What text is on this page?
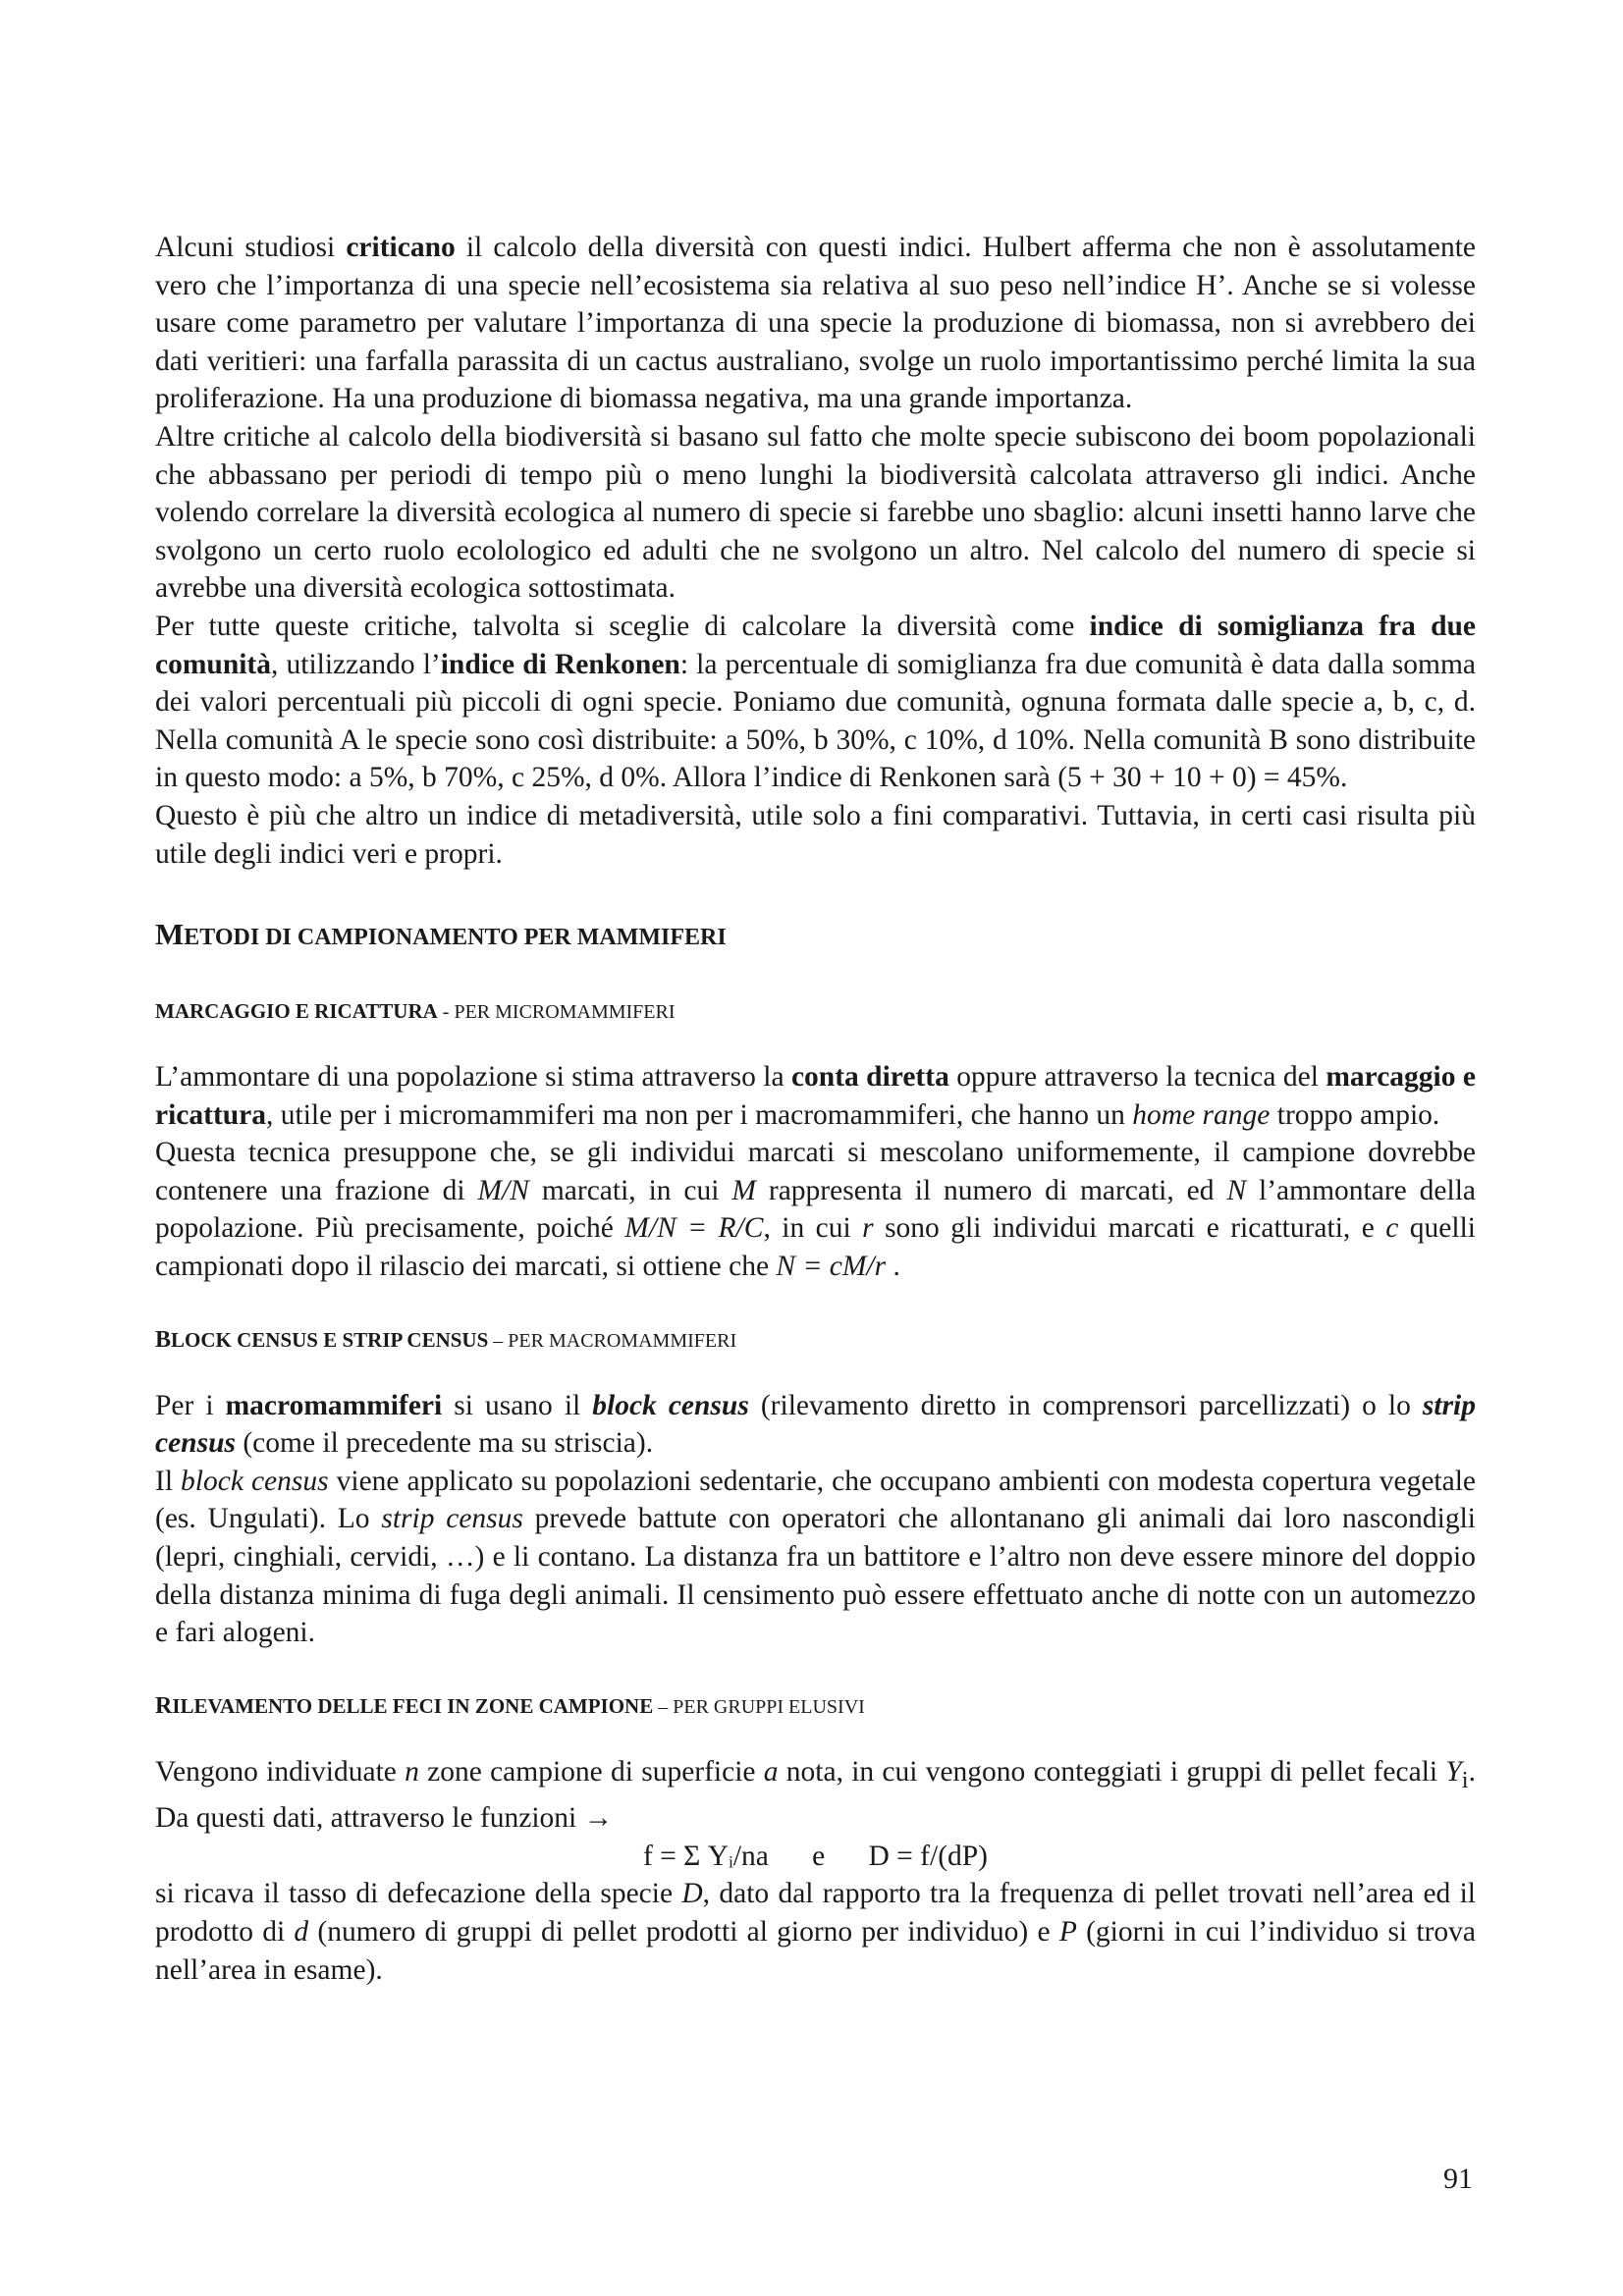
Alcuni studiosi criticano il calcolo della diversità con questi indici. Hulbert afferma che non è assolutamente vero che l’importanza di una specie nell’ecosistema sia relativa al suo peso nell’indice H’. Anche se si volesse usare come parametro per valutare l’importanza di una specie la produzione di biomassa, non si avrebbero dei dati veritieri: una farfalla parassita di un cactus australiano, svolge un ruolo importantissimo perché limita la sua proliferazione. Ha una produzione di biomassa negativa, ma una grande importanza.

Altre critiche al calcolo della biodiversità si basano sul fatto che molte specie subiscono dei boom popolazionali che abbassano per periodi di tempo più o meno lunghi la biodiversità calcolata attraverso gli indici. Anche volendo correlare la diversità ecologica al numero di specie si farebbe uno sbaglio: alcuni insetti hanno larve che svolgono un certo ruolo ecolologico ed adulti che ne svolgono un altro. Nel calcolo del numero di specie si avrebbe una diversità ecologica sottostimata.

Per tutte queste critiche, talvolta si sceglie di calcolare la diversità come indice di somiglianza fra due comunità, utilizzando l’indice di Renkonen: la percentuale di somiglianza fra due comunità è data dalla somma dei valori percentuali più piccoli di ogni specie. Poniamo due comunità, ognuna formata dalle specie a, b, c, d. Nella comunità A le specie sono così distribuite: a 50%, b 30%, c 10%, d 10%. Nella comunità B sono distribuite in questo modo: a 5%, b 70%, c 25%, d 0%. Allora l’indice di Renkonen sarà (5 + 30 + 10 + 0) = 45%.

Questo è più che altro un indice di metadiversità, utile solo a fini comparativi. Tuttavia, in certi casi risulta più utile degli indici veri e propri.

METODI DI CAMPIONAMENTO PER MAMMIFERI
MARCAGGIO E RICATTURA - PER MICROMAMMIFERI

L’ammontare di una popolazione si stima attraverso la conta diretta oppure attraverso la tecnica del marcaggio e ricattura, utile per i micromammiferi ma non per i macromammiferi, che hanno un home range troppo ampio.

Questa tecnica presuppone che, se gli individui marcati si mescolano uniformemente, il campione dovrebbe contenere una frazione di M/N marcati, in cui M rappresenta il numero di marcati, ed N l’ammontare della popolazione. Più precisamente, poiché M/N = R/C, in cui r sono gli individui marcati e ricatturati, e c quelli campionati dopo il rilascio dei marcati, si ottiene che N = cM/r .

BLOCK CENSUS E STRIP CENSUS – PER MACROMAMMIFERI

Per i macromammiferi si usano il block census (rilevamento diretto in comprensori parcellizzati) o lo strip census (come il precedente ma su striscia).

Il block census viene applicato su popolazioni sedentarie, che occupano ambienti con modesta copertura vegetale (es. Ungulati). Lo strip census prevede battute con operatori che allontanano gli animali dai loro nascondigli (lepri, cinghiali, cervidi, …) e li contano. La distanza fra un battitore e l’altro non deve essere minore del doppio della distanza minima di fuga degli animali. Il censimento può essere effettuato anche di notte con un automezzo e fari alogeni.

RILEVAMENTO DELLE FECI IN ZONE CAMPIONE – PER GRUPPI ELUSIVI

Vengono individuate n zone campione di superficie a nota, in cui vengono conteggiati i gruppi di pellet fecali $Y_i$. Da questi dati, attraverso le funzioni →

f = Σ Yᵢ/na      e      D = f/(dP)

si ricava il tasso di defecazione della specie D, dato dal rapporto tra la frequenza di pellet trovati nell’area ed il prodotto di d (numero di gruppi di pellet prodotti al giorno per individuo) e P (giorni in cui l’individuo si trova nell’area in esame).

91
